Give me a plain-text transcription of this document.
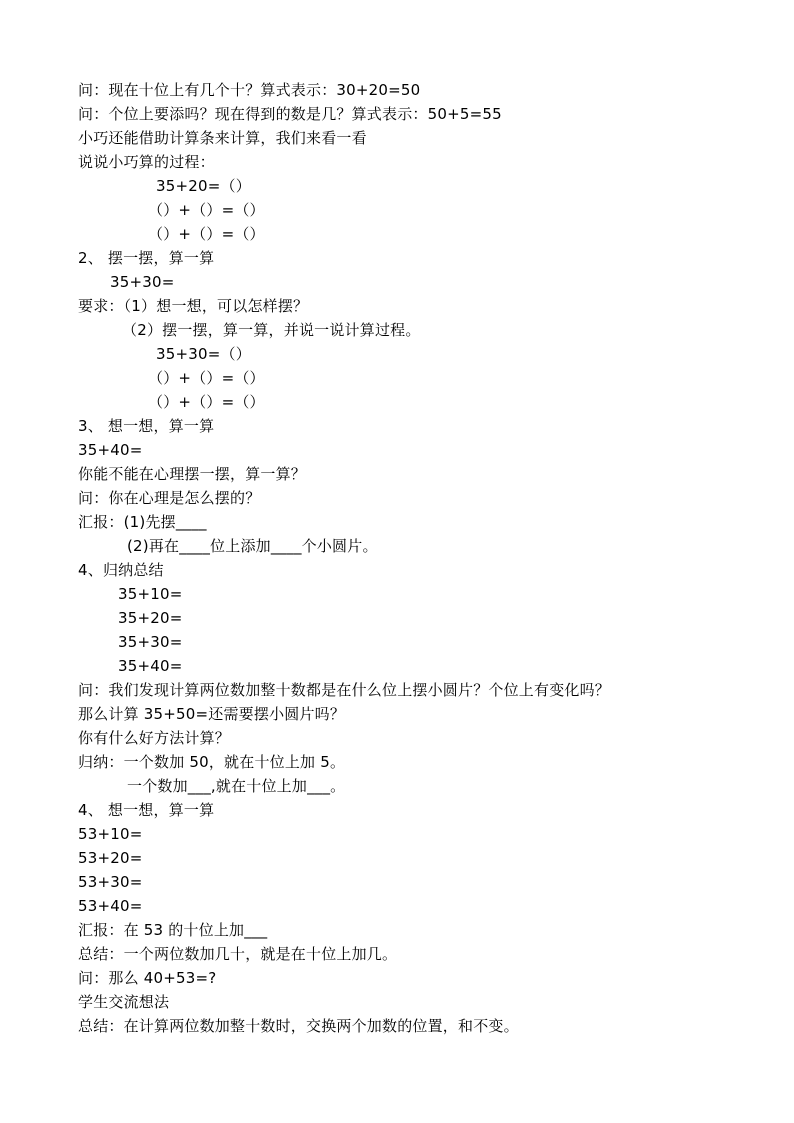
问：现在十位上有几个十？算式表示：30+20=50
问：个位上要添吗？现在得到的数是几？算式表示：50+5=55
小巧还能借助计算条来计算，我们来看一看
说说小巧算的过程：
35+20=（）
（）+（）=（）
（）+（）=（）
2、 摆一摆，算一算
35+30=
要求：（1）想一想，可以怎样摆？
（2）摆一摆，算一算，并说一说计算过程。
35+30=（）
（）+（）=（）
（）+（）=（）
3、 想一想，算一算
35+40=
你能不能在心理摆一摆，算一算？
问：你在心理是怎么摆的？
汇报：(1)先摆____
(2)再在____位上添加____个小圆片。
4、归纳总结
35+10=
35+20=
35+30=
35+40=
问：我们发现计算两位数加整十数都是在什么位上摆小圆片？个位上有变化吗？
那么计算 35+50=还需要摆小圆片吗？
你有什么好方法计算？
归纳：一个数加 50，就在十位上加 5。
一个数加___,就在十位上加___。
4、 想一想，算一算
53+10=
53+20=
53+30=
53+40=
汇报：在 53 的十位上加___
总结：一个两位数加几十，就是在十位上加几。
问：那么 40+53=?
学生交流想法
总结：在计算两位数加整十数时，交换两个加数的位置，和不变。
